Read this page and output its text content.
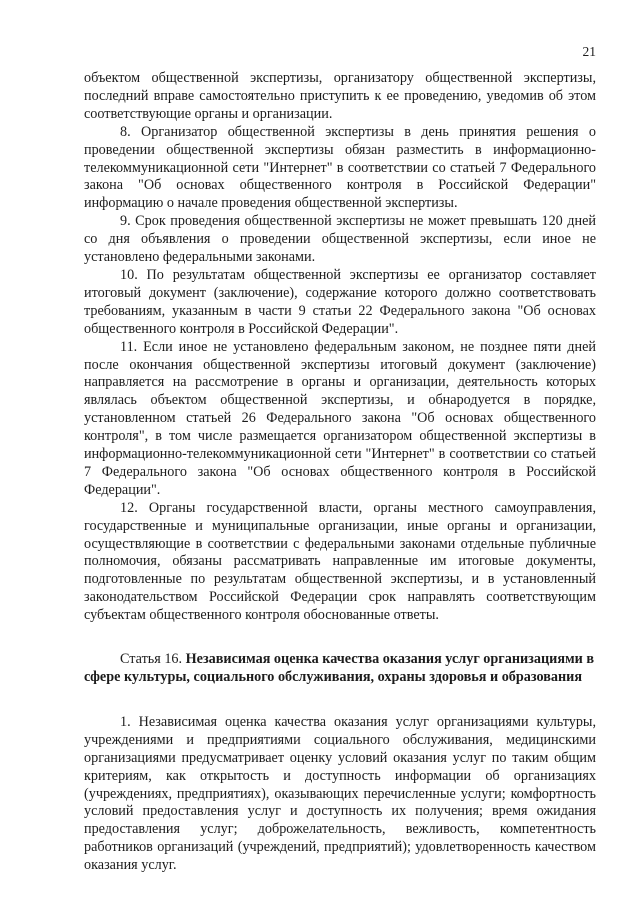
21

объектом общественной экспертизы, организатору общественной экспертизы, последний вправе самостоятельно приступить к ее проведению, уведомив об этом соответствующие органы и организации.

8. Организатор общественной экспертизы в день принятия решения о проведении общественной экспертизы обязан разместить в информационно-телекоммуникационной сети "Интернет" в соответствии со статьей 7 Федерального закона "Об основах общественного контроля в Российской Федерации" информацию о начале проведения общественной экспертизы.

9. Срок проведения общественной экспертизы не может превышать 120 дней со дня объявления о проведении общественной экспертизы, если иное не установлено федеральными законами.

10. По результатам общественной экспертизы ее организатор составляет итоговый документ (заключение), содержание которого должно соответствовать требованиям, указанным в части 9 статьи 22 Федерального закона "Об основах общественного контроля в Российской Федерации".

11. Если иное не установлено федеральным законом, не позднее пяти дней после окончания общественной экспертизы итоговый документ (заключение) направляется на рассмотрение в органы и организации, деятельность которых являлась объектом общественной экспертизы, и обнародуется в порядке, установленном статьей 26 Федерального закона "Об основах общественного контроля", в том числе размещается организатором общественной экспертизы в информационно-телекоммуникационной сети "Интернет" в соответствии со статьей 7 Федерального закона "Об основах общественного контроля в Российской Федерации".

12. Органы государственной власти, органы местного самоуправления, государственные и муниципальные организации, иные органы и организации, осуществляющие в соответствии с федеральными законами отдельные публичные полномочия, обязаны рассматривать направленные им итоговые документы, подготовленные по результатам общественной экспертизы, и в установленный законодательством Российской Федерации срок направлять соответствующим субъектам общественного контроля обоснованные ответы.

Статья 16. Независимая оценка качества оказания услуг организациями в сфере культуры, социального обслуживания, охраны здоровья и образования

1. Независимая оценка качества оказания услуг организациями культуры, учреждениями и предприятиями социального обслуживания, медицинскими организациями предусматривает оценку условий оказания услуг по таким общим критериям, как открытость и доступность информации об организациях (учреждениях, предприятиях), оказывающих перечисленные услуги; комфортность условий предоставления услуг и доступность их получения; время ожидания предоставления услуг; доброжелательность, вежливость, компетентность работников организаций (учреждений, предприятий); удовлетворенность качеством оказания услуг.
